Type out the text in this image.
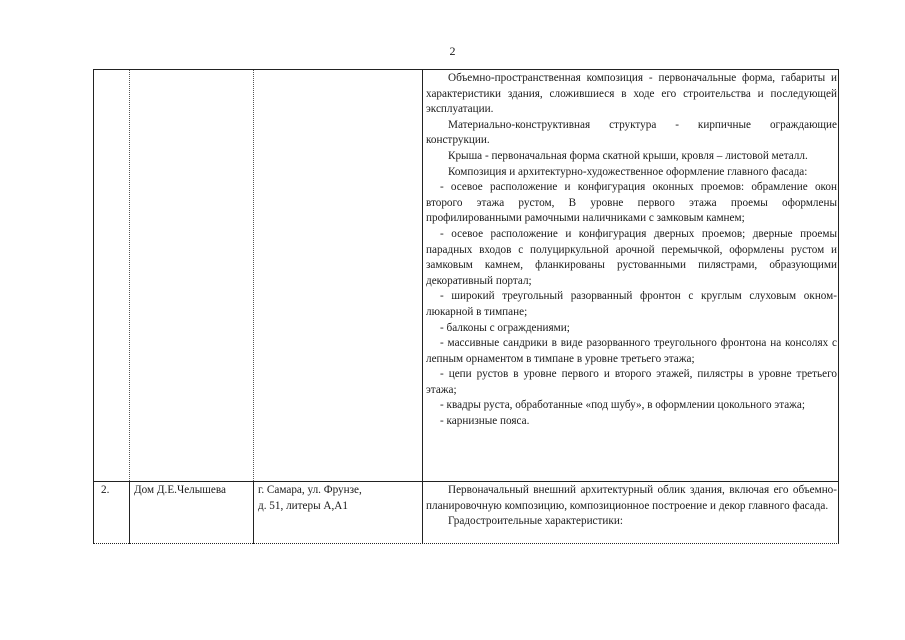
2

Объемно-пространственная композиция - первоначальные форма, габариты и характеристики здания, сложившиеся в ходе его строительства и последующей эксплуатации.

Материально-конструктивная структура - кирпичные ограждающие конструкции.

Крыша - первоначальная форма скатной крыши, кровля – листовой металл.

Композиция и архитектурно-художественное оформление главного фасада:

- осевое расположение и конфигурация оконных проемов: обрамление окон второго этажа рустом, В уровне первого этажа проемы оформлены профилированными рамочными наличниками с замковым камнем;

- осевое расположение и конфигурация дверных проемов; дверные проемы парадных входов с полуциркульной арочной перемычкой, оформлены рустом и замковым камнем, фланкированы рустованными пилястрами, образующими декоративный портал;

- широкий треугольный разорванный фронтон с круглым слуховым окном-люкарной в тимпане;

- балконы с ограждениями;

- массивные сандрики в виде разорванного треугольного фронтона на консолях с лепным орнаментом в тимпане в уровне третьего этажа;

- цепи рустов в уровне первого и второго этажей, пилястры в уровне третьего этажа;

- квадры руста, обработанные «под шубу», в оформлении цокольного этажа;

- карнизные пояса.

2.	Дом Д.Е.Челышева	г. Самара, ул. Фрунзе,
д. 51, литеры А,А1

Первоначальный внешний архитектурный облик здания, включая его объемно-планировочную композицию, композиционное построение и декор главного фасада.

Градостроительные характеристики:
